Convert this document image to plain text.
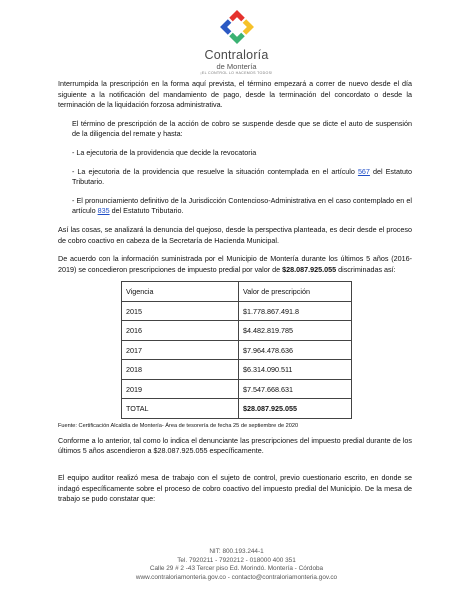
Contraloría
de Montería
¡EL CONTROL LO HACEMOS TODOS!

Interrumpida la prescripción en la forma aquí prevista, el término empezará a correr de nuevo desde el día siguiente a la notificación del mandamiento de pago, desde la terminación del concordato o desde la terminación de la liquidación forzosa administrativa.

El término de prescripción de la acción de cobro se suspende desde que se dicte el auto de suspensión de la diligencia del remate y hasta:

- La ejecutoria de la providencia que decide la revocatoria

- La ejecutoria de la providencia que resuelve la situación contemplada en el artículo 567 del Estatuto Tributario.

- El pronunciamiento definitivo de la Jurisdicción Contencioso-Administrativa en el caso contemplado en el artículo 835 del Estatuto Tributario.

Así las cosas, se analizará la denuncia del quejoso, desde la perspectiva planteada, es decir desde el proceso de cobro coactivo en cabeza de la Secretaría de Hacienda Municipal.

De acuerdo con la información suministrada por el Municipio de Montería durante los últimos 5 años (2016-2019) se concedieron prescripciones de impuesto predial por valor de $28.087.925.055 discriminadas así:

Vigencia	Valor de prescripción
2015	$1.778.867.491.8
2016	$4.482.819.785
2017	$7.964.478.636
2018	$6.314.090.511
2019	$7.547.668.631
TOTAL	$28.087.925.055
Fuente: Certificación Alcaldía de Montería- Área de tesorería de fecha 25 de septiembre de 2020

Conforme a lo anterior, tal como lo indica el denunciante las prescripciones del impuesto predial durante de los últimos 5 años ascendieron a $28.087.925.055 específicamente.

El equipo auditor realizó mesa de trabajo con el sujeto de control, previo cuestionario escrito, en donde se indagó específicamente sobre el proceso de cobro coactivo del impuesto predial del Municipio. De la mesa de trabajo se pudo constatar que:

NIT: 800.193.244-1
Tel. 7920211 - 7920212 - 018000 400 351
Calle 29 # 2 -43 Tercer piso Ed. Morindó. Montería - Córdoba
www.contraloriamonteria.gov.co - contacto@contraloriamonteria.gov.co
